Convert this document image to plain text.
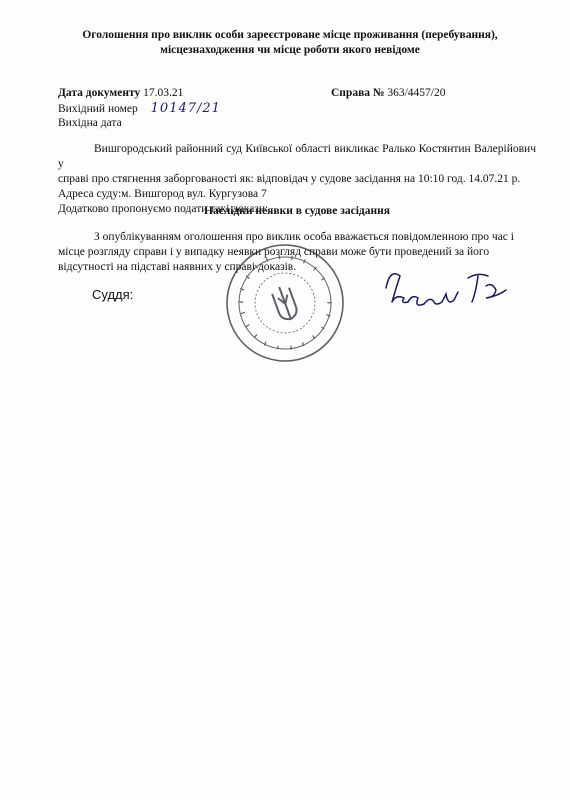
Оголошення про виклик особи зареєстроване місце проживання (перебування),
місцезнаходження чи місце роботи якого невідоме
Дата документу 17.03.21	Справа № 363/4457/20
Вихідний номер 10147/21
Вихідна дата
Вишгородський районний суд Київської області викликає Ралько Костянтин Валерійович у
справі про стягнення заборгованості як: відповідач у судове засідання на 10:10 год. 14.07.21 р.
Адреса суду:м. Вишгород вул. Кургузова 7
Додатково пропонуємо подати такі докази:
Наслідки неявки в судове засідання
З опублікуванням оголошення про виклик особа вважається повідомленною про час і
місце розгляду справи і у випадку неявки розгляд справи може бути проведений за його
відсутності на підставі наявних у справі доказів.
Суддя:
